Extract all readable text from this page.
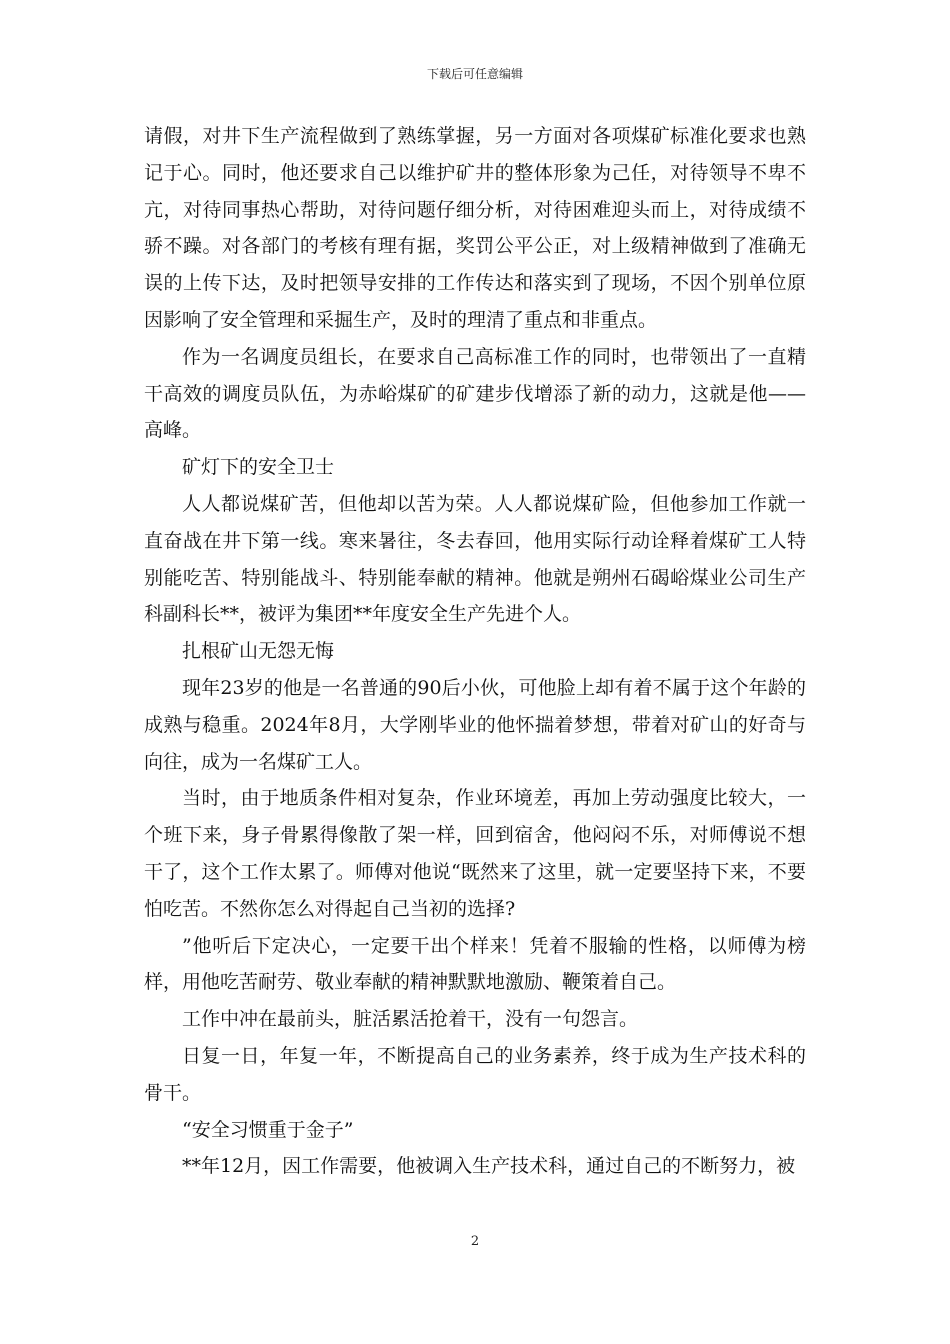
下载后可任意编辑

请假，对井下生产流程做到了熟练掌握，另一方面对各项煤矿标准化要求也熟记于心。同时，他还要求自己以维护矿井的整体形象为己任，对待领导不卑不亢，对待同事热心帮助，对待问题仔细分析，对待困难迎头而上，对待成绩不骄不躁。对各部门的考核有理有据，奖罚公平公正，对上级精神做到了准确无误的上传下达，及时把领导安排的工作传达和落实到了现场，不因个别单位原因影响了安全管理和采掘生产，及时的理清了重点和非重点。

作为一名调度员组长，在要求自己高标准工作的同时，也带领出了一直精干高效的调度员队伍，为赤峪煤矿的矿建步伐增添了新的动力，这就是他——高峰。

矿灯下的安全卫士

人人都说煤矿苦，但他却以苦为荣。人人都说煤矿险，但他参加工作就一直奋战在井下第一线。寒来暑往，冬去春回，他用实际行动诠释着煤矿工人特别能吃苦、特别能战斗、特别能奉献的精神。他就是朔州石碣峪煤业公司生产科副科长**，被评为集团**年度安全生产先进个人。

扎根矿山无怨无悔

现年23岁的他是一名普通的90后小伙，可他脸上却有着不属于这个年龄的成熟与稳重。2024年8月，大学刚毕业的他怀揣着梦想，带着对矿山的好奇与向往，成为一名煤矿工人。

当时，由于地质条件相对复杂，作业环境差，再加上劳动强度比较大，一个班下来，身子骨累得像散了架一样，回到宿舍，他闷闷不乐，对师傅说不想干了，这个工作太累了。师傅对他说“既然来了这里，就一定要坚持下来，不要怕吃苦。不然你怎么对得起自己当初的选择?

”他听后下定决心，一定要干出个样来！凭着不服输的性格，以师傅为榜样，用他吃苦耐劳、敬业奉献的精神默默地激励、鞭策着自己。

工作中冲在最前头，脏活累活抢着干，没有一句怨言。

日复一日，年复一年，不断提高自己的业务素养，终于成为生产技术科的骨干。

“安全习惯重于金子”

**年12月，因工作需要，他被调入生产技术科，通过自己的不断努力，被

2
